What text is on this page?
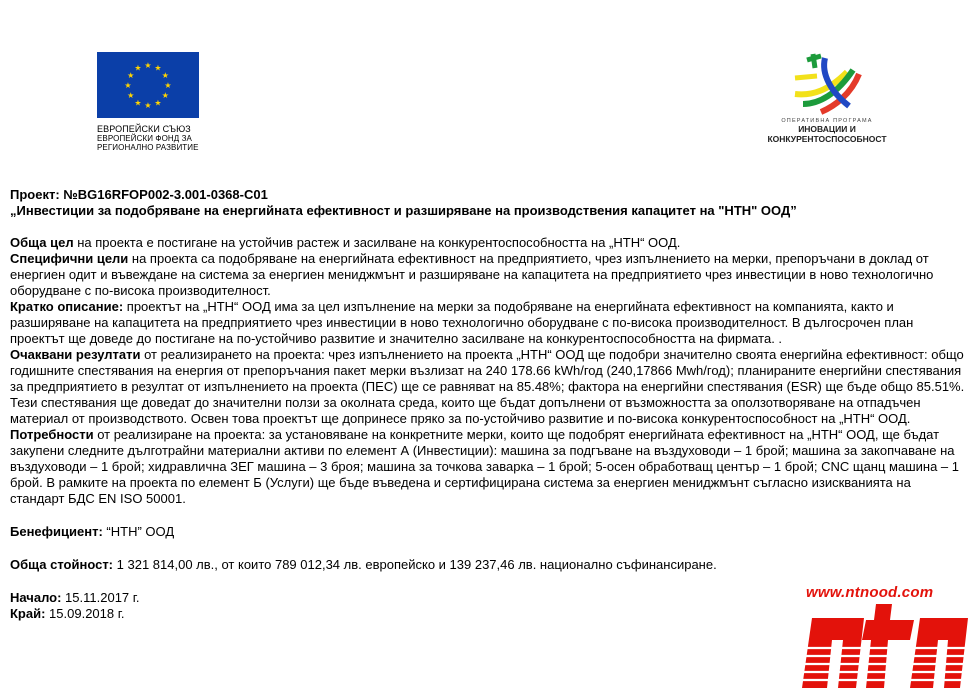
★ ★
★
★
★
★
★
★
★
★
★
★
ЕВРОПЕЙСКИ СЪЮЗ
ЕВРОПЕЙСКИ ФОНД ЗА
РЕГИОНАЛНО РАЗВИТИЕ
ОПЕРАТИВНА ПРОГРАМА
ИНОВАЦИИ И
КОНКУРЕНТОСПОСОБНОСТ

Проект: №BG16RFOP002-3.001-0368-C01

„Инвестиции за подобряване на енергийната ефективност и разширяване на производствения капацитет на "НТН" ООД”

Обща цел на проекта е постигане на устойчив растеж и засилване на конкурентоспособността на „НТН“ ООД.

Специфични цели на проекта са подобряване на енергийната ефективност на предприятието, чрез изпълнението на мерки, препоръчани в доклад от енергиен одит и въвеждане на система за енергиен мениджмънт и разширяване на капацитета на предприятието чрез инвестиции в ново технологично оборудване с по-висока производителност.

Кратко описание: проектът на „НТН“ ООД има за цел изпълнение на мерки за подобряване на енергийната ефективност на компанията, както и разширяване на капацитета на предприятието чрез инвестиции в ново технологично оборудване с по-висока производителност. В дългосрочен план проектът ще доведе до постигане на по-устойчиво развитие и значително засилване на конкурентоспособността на фирмата. .

Очаквани резултати от реализирането на проекта: чрез изпълнението на проекта „НТН“ ООД ще подобри значително своята енергийна ефективност: общо годишните спестявания на енергия от препоръчания пакет мерки възлизат на 240 178.66 kWh/год (240,17866 Mwh/год); планираните енергийни спестявания за предприятието в резултат от изпълнението на проекта (ПЕС) ще се равняват на 85.48%; фактора на енергийни спестявания (ESR) ще бъде общо 85.51%. Тези спестявания ще доведат до значителни ползи за околната среда, които ще бъдат допълнени от възможността за оползотворяване на отпадъчен материал от производството. Освен това проектът ще допринесе пряко за по-устойчиво развитие и по-висока конкурентоспособност на „НТН“ ООД.

Потребности от реализиране на проекта: за установяване на конкретните мерки, които ще подобрят енергийната ефективност на „НТН“ ООД, ще бъдат закупени следните дълготрайни материални активи по елемент А (Инвестиции): машина за подгъване на въздуховоди – 1 брой; машина за закопчаване на въздуховоди – 1 брой; хидравлична ЗЕГ машина – 3 броя; машина за точкова заварка – 1 брой; 5-осен обработващ център – 1 брой; CNC щанц машина – 1 брой. В рамките на проекта по елемент Б (Услуги) ще бъде въведена и сертифицирана система за енергиен мениджмънт съгласно изискванията на стандарт БДС EN ISO 50001.

Бенефициент: “НТН” ООД

Обща стойност: 1 321 814,00 лв., от които 789 012,34 лв. европейско и 139 237,46 лв. национално съфинансиране.

Начало: 15.11.2017 г.

Край: 15.09.2018 г.

www.ntnood.com
